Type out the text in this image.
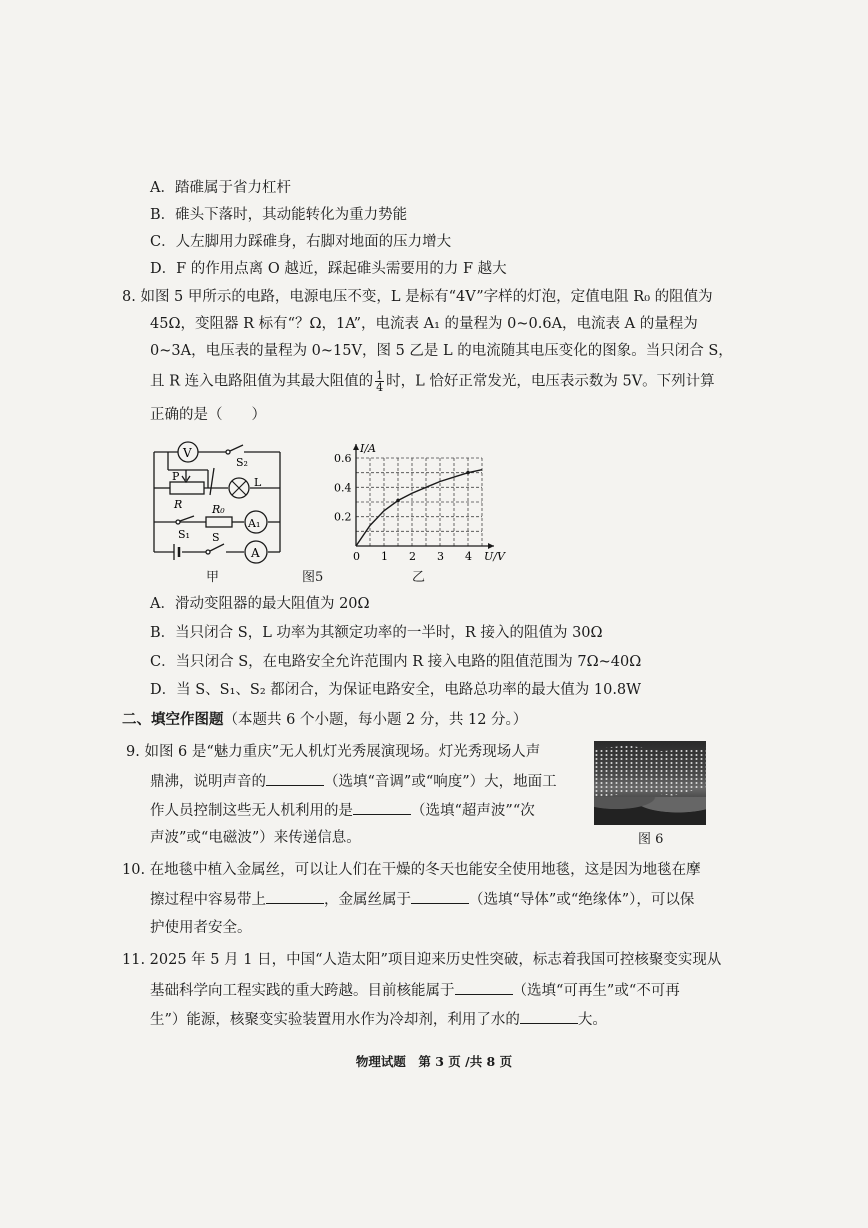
A．踏碓属于省力杠杆
B．碓头下落时，其动能转化为重力势能
C．人左脚用力踩碓身，右脚对地面的压力增大
D．F 的作用点离 O 越近，踩起碓头需要用的力 F 越大
8. 如图 5 甲所示的电路，电源电压不变，L 是标有“4V”字样的灯泡，定值电阻 R₀ 的阻值为
45Ω，变阻器 R 标有“？Ω，1A”，电流表 A₁ 的量程为 0~0.6A，电流表 A 的量程为
0~3A，电压表的量程为 0~15V，图 5 乙是 L 的电流随其电压变化的图象。当只闭合 S，
且 R 连入电路阻值为其最大阻值的 $\frac{1}{4}$ 时，L 恰好正常发光，电压表示数为 5V。下列计算
正确的是（　　）
V
A₁
A
S₂
P	L
R	R₀
S₁ S
甲	图5
0 1 2 3 4
0.2
0.4
0.6
I/A
U/V
乙
A．滑动变阻器的最大阻值为 20Ω
B．当只闭合 S，L 功率为其额定功率的一半时，R 接入的阻值为 30Ω
C．当只闭合 S，在电路安全允许范围内 R 接入电路的阻值范围为 7Ω~40Ω
D．当 S、S₁、S₂ 都闭合，为保证电路安全，电路总功率的最大值为 10.8W
二、填空作图题（本题共 6 个小题，每小题 2 分，共 12 分。）
9. 如图 6 是“魅力重庆”无人机灯光秀展演现场。灯光秀现场人声
鼎沸，说明声音的	（选填“音调”或“响度”）大，地面工
作人员控制这些无人机利用的是	（选填“超声波”“次
声波”或“电磁波”）来传递信息。	图 6
10. 在地毯中植入金属丝，可以让人们在干燥的冬天也能安全使用地毯，这是因为地毯在摩
擦过程中容易带上	，金属丝属于	（选填“导体”或“绝缘体”），可以保
护使用者安全。
11. 2025 年 5 月 1 日，中国“人造太阳”项目迎来历史性突破，标志着我国可控核聚变实现从
基础科学向工程实践的重大跨越。目前核能属于	（选填“可再生”或“不可再
生”）能源，核聚变实验装置用水作为冷却剂，利用了水的	大。
物理试题　第 3 页 /共 8 页
